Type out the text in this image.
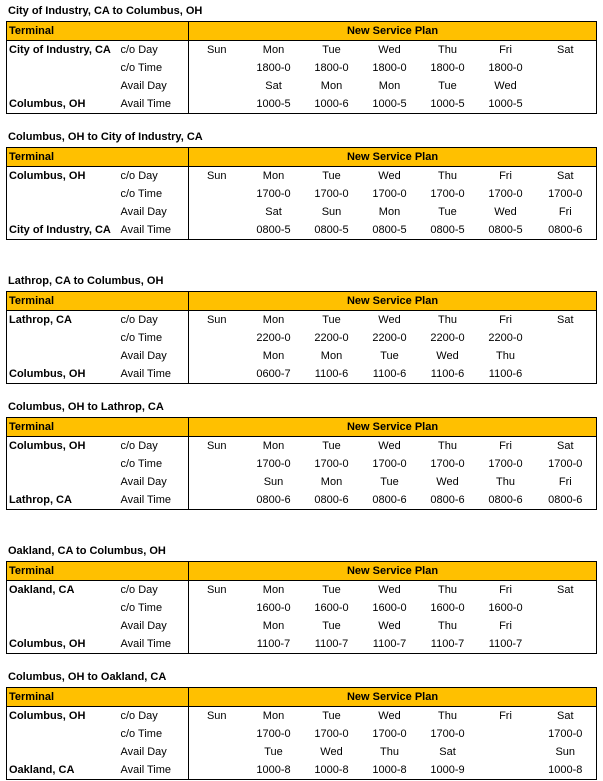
City of Industry, CA to Columbus, OH
Terminal		New Service Plan						
City of Industry, CA	c/o Day	Sun	Mon	Tue	Wed	Thu	Fri	Sat
	c/o Time		1800-0	1800-0	1800-0	1800-0	1800-0	
	Avail Day		Sat	Mon	Mon	Tue	Wed	
Columbus, OH	Avail Time		1000-5	1000-6	1000-5	1000-5	1000-5	
Columbus, OH to City of Industry, CA
Terminal		New Service Plan						
Columbus, OH	c/o Day	Sun	Mon	Tue	Wed	Thu	Fri	Sat
	c/o Time		1700-0	1700-0	1700-0	1700-0	1700-0	1700-0
	Avail Day		Sat	Sun	Mon	Tue	Wed	Fri
City of Industry, CA	Avail Time		0800-5	0800-5	0800-5	0800-5	0800-5	0800-6
Lathrop, CA to Columbus, OH
Terminal		New Service Plan						
Lathrop, CA	c/o Day	Sun	Mon	Tue	Wed	Thu	Fri	Sat
	c/o Time		2200-0	2200-0	2200-0	2200-0	2200-0	
	Avail Day		Mon	Mon	Tue	Wed	Thu	
Columbus, OH	Avail Time		0600-7	1100-6	1100-6	1100-6	1100-6	
Columbus, OH to Lathrop, CA
Terminal		New Service Plan						
Columbus, OH	c/o Day	Sun	Mon	Tue	Wed	Thu	Fri	Sat
	c/o Time		1700-0	1700-0	1700-0	1700-0	1700-0	1700-0
	Avail Day		Sun	Mon	Tue	Wed	Thu	Fri
Lathrop, CA	Avail Time		0800-6	0800-6	0800-6	0800-6	0800-6	0800-6
Oakland, CA to Columbus, OH
Terminal		New Service Plan						
Oakland, CA	c/o Day	Sun	Mon	Tue	Wed	Thu	Fri	Sat
	c/o Time		1600-0	1600-0	1600-0	1600-0	1600-0	
	Avail Day		Mon	Tue	Wed	Thu	Fri	
Columbus, OH	Avail Time		1100-7	1100-7	1100-7	1100-7	1100-7	
Columbus, OH to Oakland, CA
Terminal		New Service Plan						
Columbus, OH	c/o Day	Sun	Mon	Tue	Wed	Thu	Fri	Sat
	c/o Time		1700-0	1700-0	1700-0	1700-0		1700-0
	Avail Day		Tue	Wed	Thu	Sat		Sun
Oakland, CA	Avail Time		1000-8	1000-8	1000-8	1000-9		1000-8
